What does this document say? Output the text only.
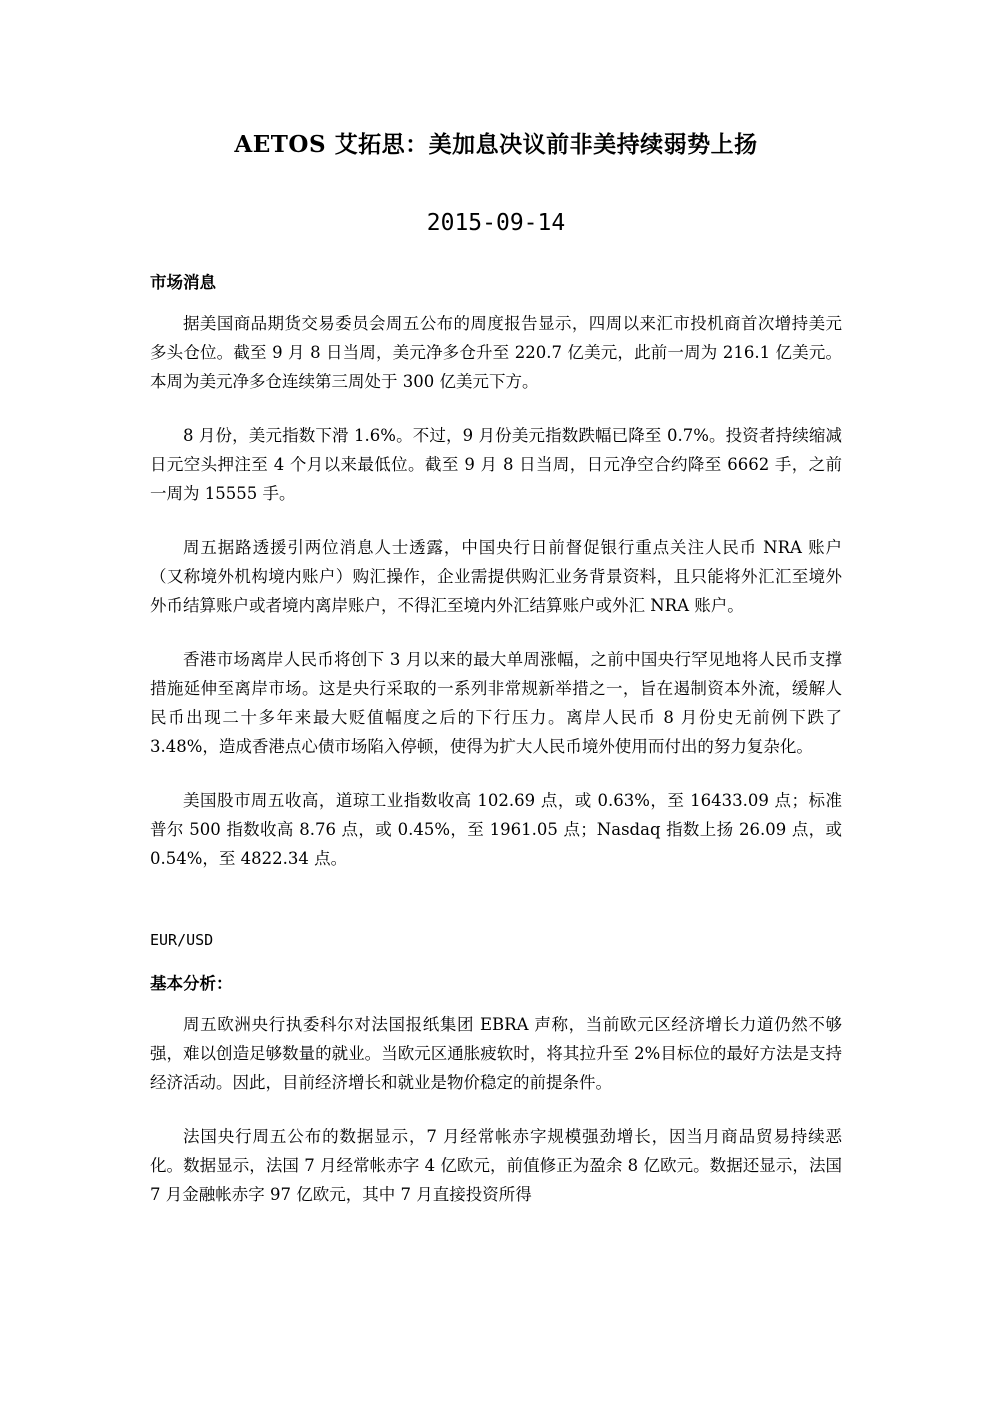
AETOS 艾拓思：美加息决议前非美持续弱势上扬
2015-09-14
市场消息

据美国商品期货交易委员会周五公布的周度报告显示，四周以来汇市投机商首次增持美元多头仓位。截至 9 月 8 日当周，美元净多仓升至 220.7 亿美元，此前一周为 216.1 亿美元。本周为美元净多仓连续第三周处于 300 亿美元下方。

8 月份，美元指数下滑 1.6%。不过，9 月份美元指数跌幅已降至 0.7%。投资者持续缩减日元空头押注至 4 个月以来最低位。截至 9 月 8 日当周，日元净空合约降至 6662 手，之前一周为 15555 手。

周五据路透援引两位消息人士透露，中国央行日前督促银行重点关注人民币 NRA 账户（又称境外机构境内账户）购汇操作，企业需提供购汇业务背景资料，且只能将外汇汇至境外外币结算账户或者境内离岸账户，不得汇至境内外汇结算账户或外汇 NRA 账户。

香港市场离岸人民币将创下 3 月以来的最大单周涨幅，之前中国央行罕见地将人民币支撑措施延伸至离岸市场。这是央行采取的一系列非常规新举措之一，旨在遏制资本外流，缓解人民币出现二十多年来最大贬值幅度之后的下行压力。离岸人民币 8 月份史无前例下跌了 3.48%，造成香港点心债市场陷入停顿，使得为扩大人民币境外使用而付出的努力复杂化。

美国股市周五收高，道琼工业指数收高 102.69 点，或 0.63%，至 16433.09 点；标准普尔 500 指数收高 8.76 点，或 0.45%，至 1961.05 点；Nasdaq 指数上扬 26.09 点，或 0.54%，至 4822.34 点。

EUR/USD
基本分析：

周五欧洲央行执委科尔对法国报纸集团 EBRA 声称，当前欧元区经济增长力道仍然不够强，难以创造足够数量的就业。当欧元区通胀疲软时，将其拉升至 2%目标位的最好方法是支持经济活动。因此，目前经济增长和就业是物价稳定的前提条件。

法国央行周五公布的数据显示，7 月经常帐赤字规模强劲增长，因当月商品贸易持续恶化。数据显示，法国 7 月经常帐赤字 4 亿欧元，前值修正为盈余 8 亿欧元。数据还显示，法国 7 月金融帐赤字 97 亿欧元，其中 7 月直接投资所得
